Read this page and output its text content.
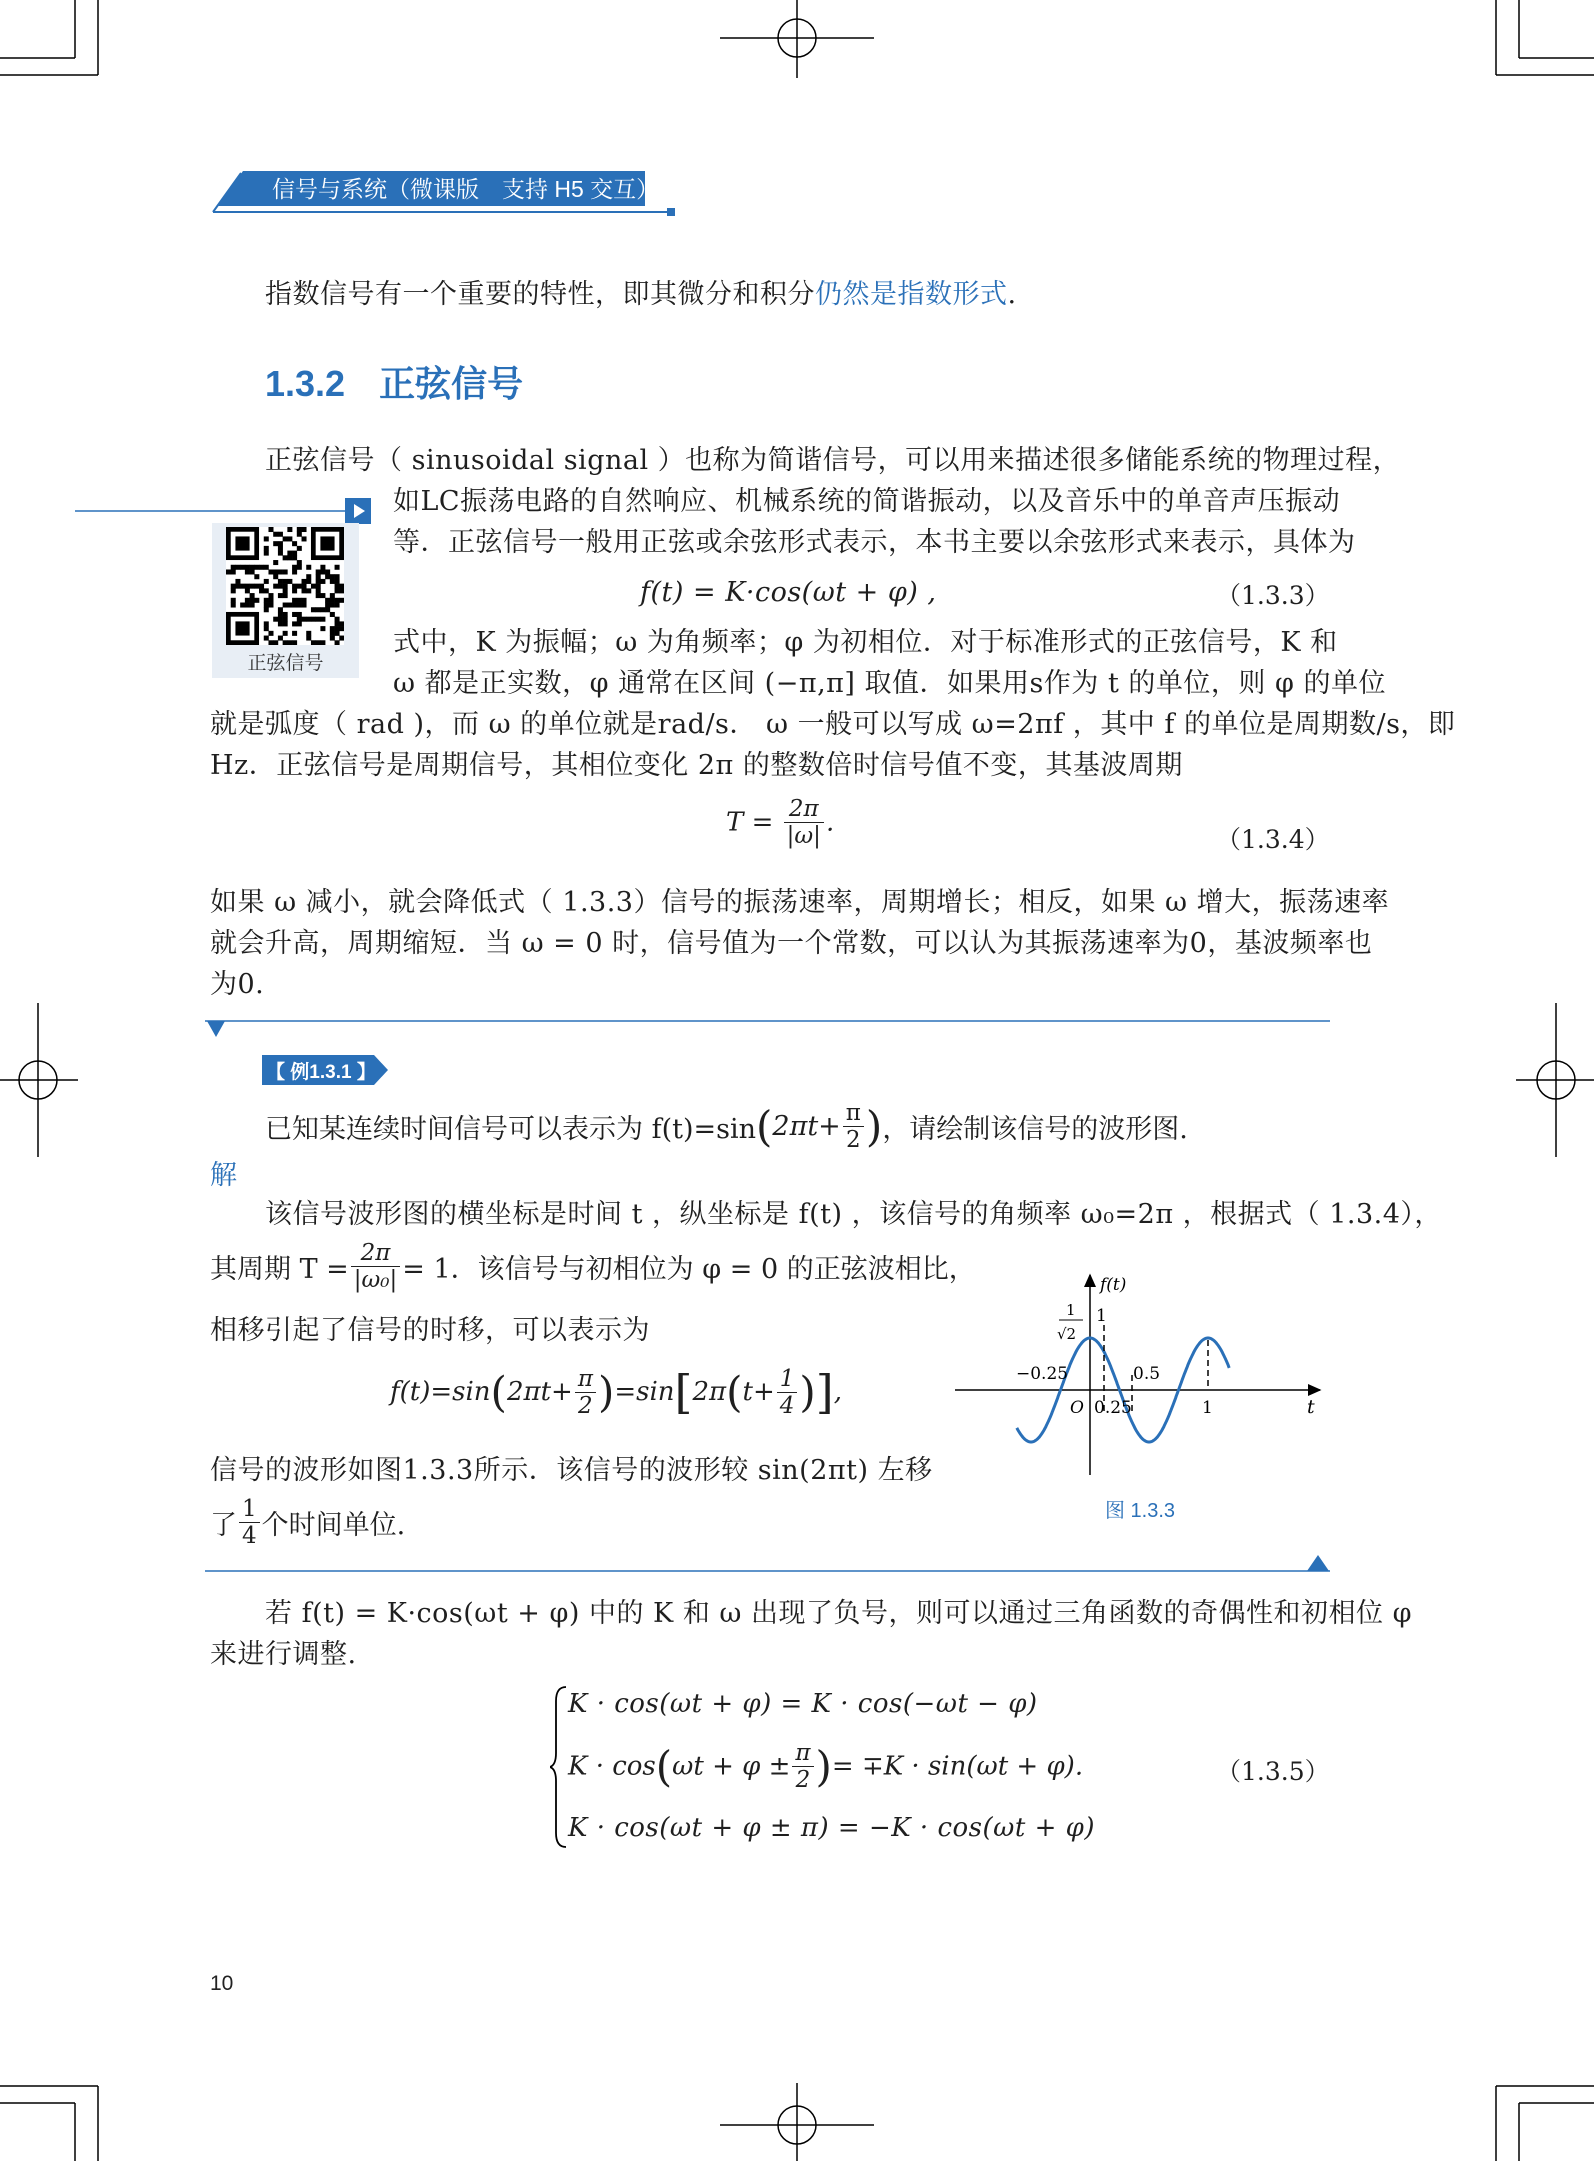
信号与系统（微课版　支持 H5 交互）
指数信号有一个重要的特性，即其微分和积分仍然是指数形式.
1.3.2 正弦信号
正弦信号
正弦信号（ sinusoidal signal ）也称为简谐信号，可以用来描述很多储能系统的物理过程，
如LC振荡电路的自然响应、机械系统的简谐振动，以及音乐中的单音声压振动
等．正弦信号一般用正弦或余弦形式表示，本书主要以余弦形式来表示，具体为
f(t) = K·cos(ωt + φ) ,	（1.3.3）
式中，K 为振幅；ω 为角频率；φ 为初相位．对于标准形式的正弦信号，K 和
ω 都是正实数，φ 通常在区间 (−π,π] 取值．如果用s作为 t 的单位，则 φ 的单位
就是弧度（ rad )，而 ω 的单位就是rad/s． ω 一般可以写成 ω=2πf ，其中 f 的单位是周期数/s，即
Hz．正弦信号是周期信号，其相位变化 2π 的整数倍时信号值不变，其基波周期
$T = \frac{2\pi}{|\omega|}$ .
（1.3.4）
如果 ω 减小，就会降低式（ 1.3.3）信号的振荡速率，周期增长；相反，如果 ω 增大，振荡速率
就会升高，周期缩短．当 ω = 0 时，信号值为一个常数，可以认为其振荡速率为0，基波频率也
为0.
【 例1.3.1 】
已知某连续时间信号可以表示为 $f(t)=\sin(2\pi t+ \frac{\pi}{2}$ )，请绘制该信号的波形图.
解
该信号波形图的横坐标是时间 t ，纵坐标是 f(t) ，该信号的角频率 ω₀=2π ，根据式（ 1.3.4），
其周期 $T = \frac{2\pi}{\text{|ω₀|}} = 1$．该信号与初相位为 φ = 0 的正弦波相比，
相移引起了信号的时移，可以表示为
$f(t)=\sin(2\pi t+ \frac{\pi}{2} )=\sin[2\pi(t+ \frac{1}{4}$ )],
信号的波形如图1.3.3所示．该信号的波形较 sin(2πt) 左移
了 $\frac{1}{4}$ 个时间单位.
f(t)
t
O
1
1
√2
−0.25
0.25
0.5
1
图 1.3.3
若 f(t) = K·cos(ωt + φ) 中的 K 和 ω 出现了负号，则可以通过三角函数的奇偶性和初相位 φ
来进行调整.
K · cos(ωt + φ) = K · cos(−ωt − φ)
$K \cdot \cos(\omega t + \varphi \pm \frac{\pi}{2}$ )= ∓K · sin(ωt + φ).	（1.3.5）
K · cos(ωt + φ ± π) = −K · cos(ωt + φ)
10
